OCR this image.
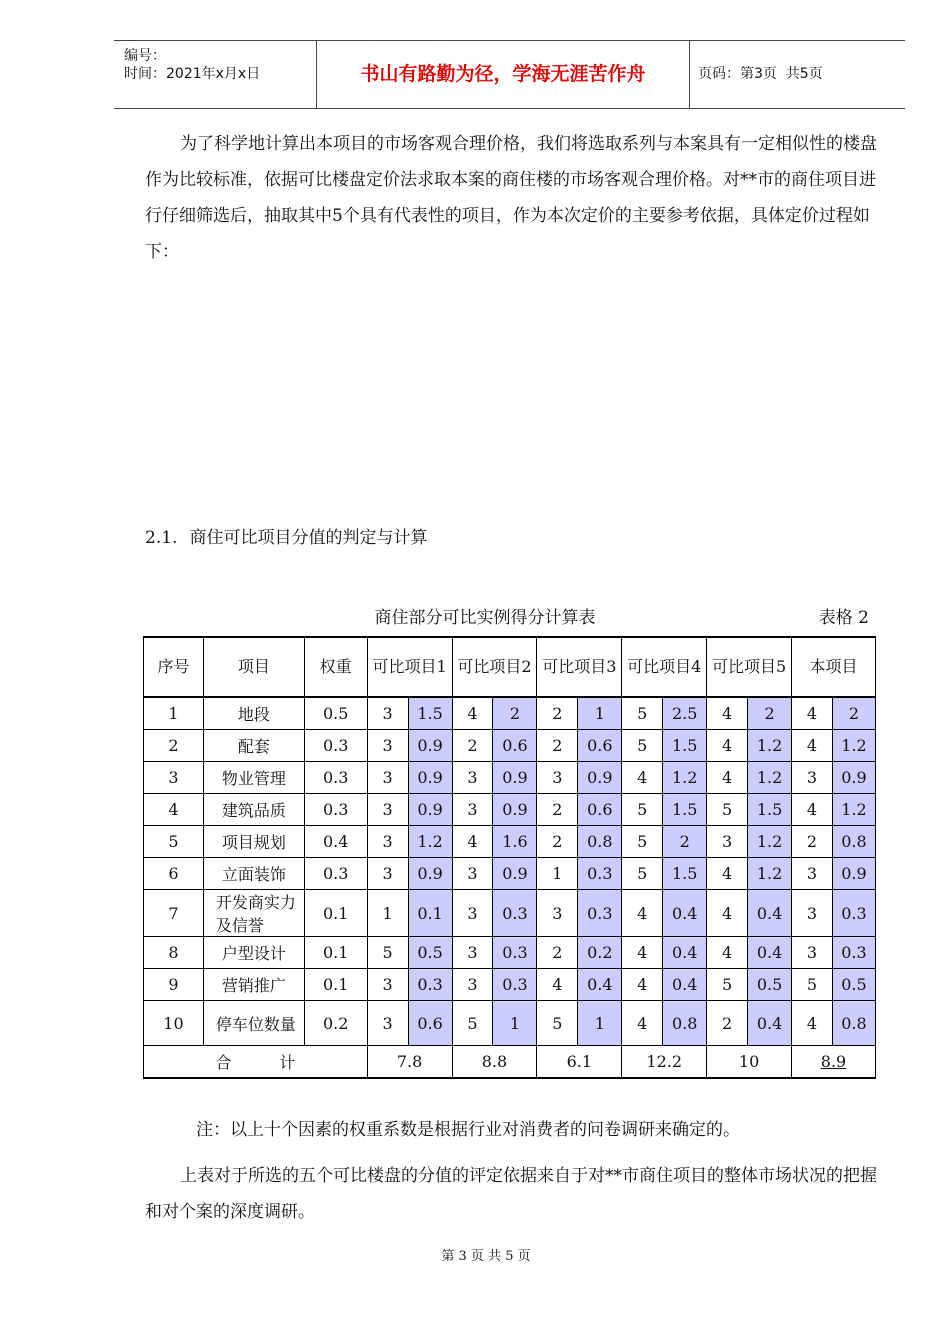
编号：
时间：2021年x月x日	书山有路勤为径，学海无涯苦作舟	页码：第3页  共5页
为了科学地计算出本项目的市场客观合理价格，我们将选取系列与本案具有一定相似性的楼盘作为比较标准，依据可比楼盘定价法求取本案的商住楼的市场客观合理价格。对**市的商住项目进行仔细筛选后，抽取其中5个具有代表性的项目，作为本次定价的主要参考依据，具体定价过程如下：
2.1. 商住可比项目分值的判定与计算
商住部分可比实例得分计算表	表格 2
序号	项目	权重	可比项目1		可比项目2		可比项目3		可比项目4		可比项目5		本项目	
1	地段	0.5	3	1.5	4	2	2	1	5	2.5	4	2	4	2
2	配套	0.3	3	0.9	2	0.6	2	0.6	5	1.5	4	1.2	4	1.2
3	物业管理	0.3	3	0.9	3	0.9	3	0.9	4	1.2	4	1.2	3	0.9
4	建筑品质	0.3	3	0.9	3	0.9	2	0.6	5	1.5	5	1.5	4	1.2
5	项目规划	0.4	3	1.2	4	1.6	2	0.8	5	2	3	1.2	2	0.8
6	立面装饰	0.3	3	0.9	3	0.9	1	0.3	5	1.5	4	1.2	3	0.9
7	开发商实力及信誉	0.1	1	0.1	3	0.3	3	0.3	4	0.4	4	0.4	3	0.3
8	户型设计	0.1	5	0.5	3	0.3	2	0.2	4	0.4	4	0.4	3	0.3
9	营销推广	0.1	3	0.3	3	0.3	4	0.4	4	0.4	5	0.5	5	0.5
10	停车位数量	0.2	3	0.6	5	1	5	1	4	0.8	2	0.4	4	0.8
合　　　计			7.8		8.8		6.1		12.2		10		8.9	
注：以上十个因素的权重系数是根据行业对消费者的问卷调研来确定的。
上表对于所选的五个可比楼盘的分值的评定依据来自于对**市商住项目的整体市场状况的把握和对个案的深度调研。
第 3 页 共 5 页
